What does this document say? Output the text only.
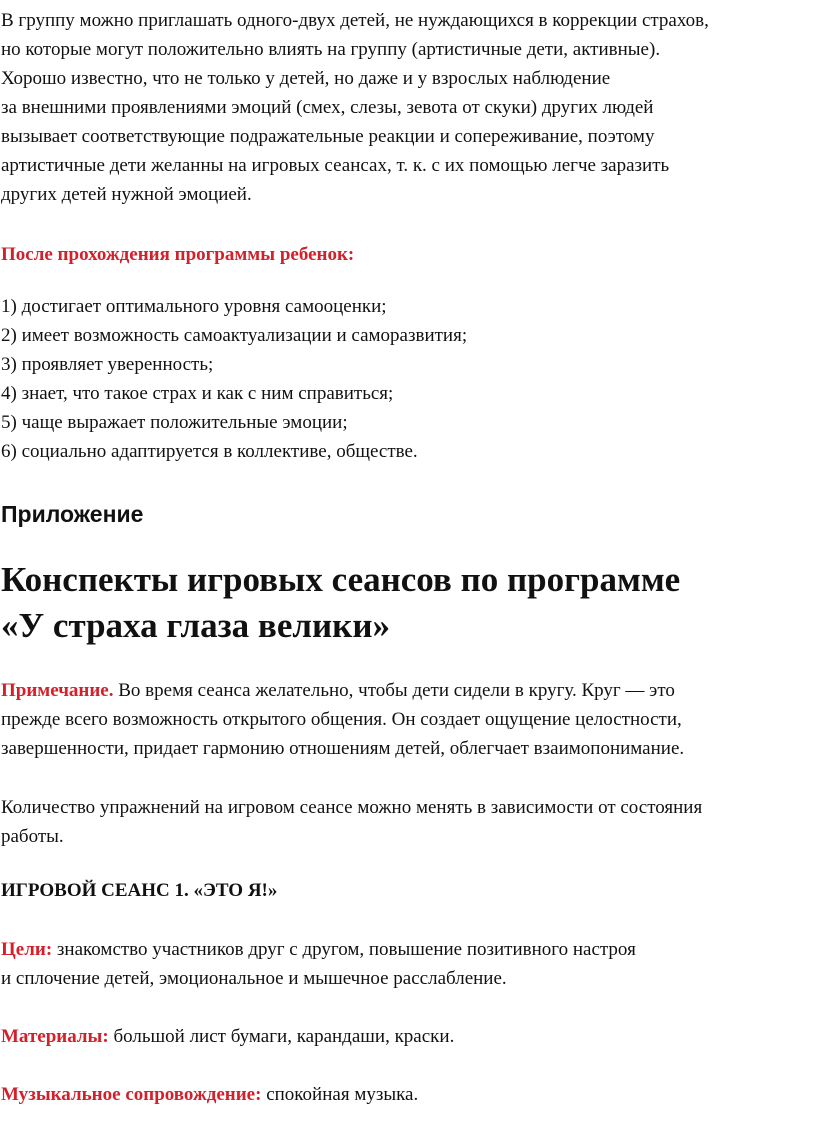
В группу можно приглашать одного-двух детей, не нуждающихся в коррекции страхов,
но которые могут положительно влиять на группу (артистичные дети, активные).
Хорошо известно, что не только у детей, но даже и у взрослых наблюдение
за внешними проявлениями эмоций (смех, слезы, зевота от скуки) других людей
вызывает соответствующие подражательные реакции и сопереживание, поэтому
артистичные дети желанны на игровых сеансах, т. к. с их помощью легче заразить
других детей нужной эмоцией.
После прохождения программы ребенок:
1) достигает оптимального уровня самооценки;
2) имеет возможность самоактуализации и саморазвития;
3) проявляет уверенность;
4) знает, что такое страх и как с ним справиться;
5) чаще выражает положительные эмоции;
6) социально адаптируется в коллективе, обществе.
Приложение
Конспекты игровых сеансов по программе
«У страха глаза велики»
Примечание. Во время сеанса желательно, чтобы дети сидели в кругу. Круг — это
прежде всего возможность открытого общения. Он создает ощущение целостности,
завершенности, придает гармонию отношениям детей, облегчает взаимопонимание.
Количество упражнений на игровом сеансе можно менять в зависимости от состояния
работы.
ИГРОВОЙ СЕАНС 1. «ЭТО Я!»
Цели: знакомство участников друг с другом, повышение позитивного настроя
и сплочение детей, эмоциональное и мышечное расслабление.
Материалы: большой лист бумаги, карандаши, краски.
Музыкальное сопровождение: спокойная музыка.
